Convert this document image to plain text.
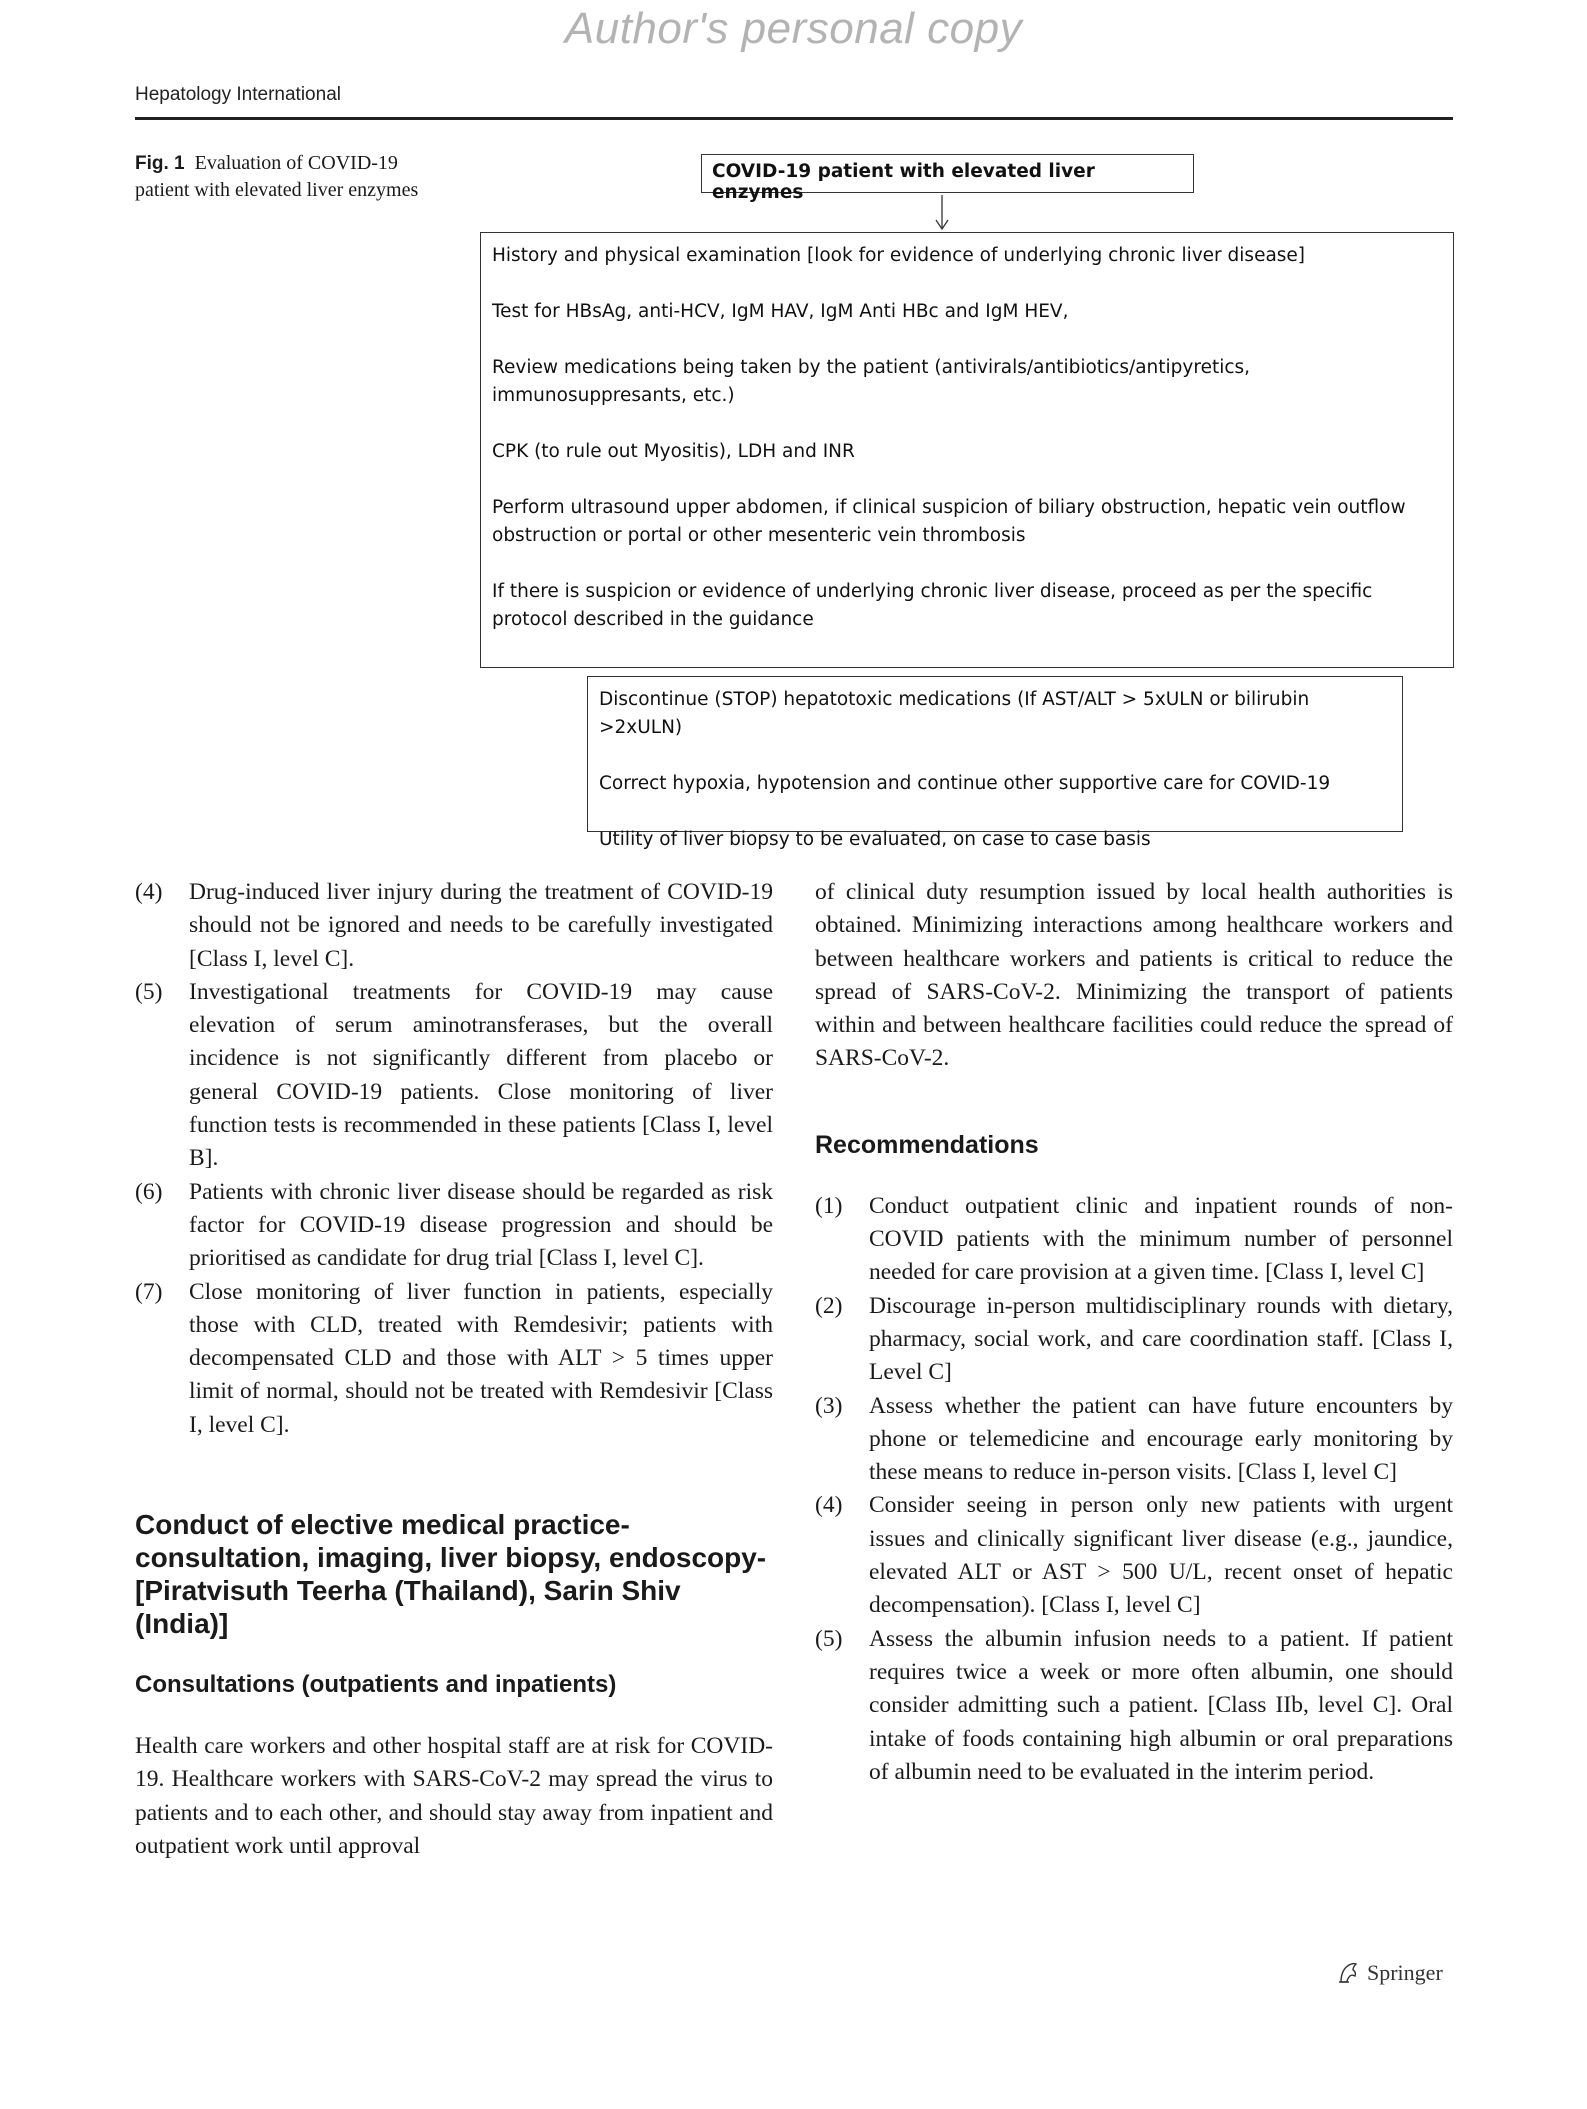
Author's personal copy
Hepatology International
Fig. 1 Evaluation of COVID-19 patient with elevated liver enzymes
COVID-19 patient with elevated liver enzymes

History and physical examination [look for evidence of underlying chronic liver disease]

Test for HBsAg, anti-HCV, IgM HAV, IgM Anti HBc and IgM HEV,

Review medications being taken by the patient (antivirals/antibiotics/antipyretics, immunosuppresants, etc.)

CPK (to rule out Myositis), LDH and INR

Perform ultrasound upper abdomen, if clinical suspicion of biliary obstruction, hepatic vein outflow obstruction or portal or other mesenteric vein thrombosis

If there is suspicion or evidence of underlying chronic liver disease, proceed as per the specific protocol described in the guidance

Discontinue (STOP) hepatotoxic medications (If AST/ALT > 5xULN or bilirubin >2xULN)

Correct hypoxia, hypotension and continue other supportive care for COVID-19

Utility of liver biopsy to be evaluated, on case to case basis

(4) Drug-induced liver injury during the treatment of COVID-19 should not be ignored and needs to be carefully investigated [Class I, level C].
(5) Investigational treatments for COVID-19 may cause elevation of serum aminotransferases, but the overall incidence is not significantly different from placebo or general COVID-19 patients. Close monitoring of liver function tests is recommended in these patients [Class I, level B].
(6) Patients with chronic liver disease should be regarded as risk factor for COVID-19 disease progression and should be prioritised as candidate for drug trial [Class I, level C].
(7) Close monitoring of liver function in patients, especially those with CLD, treated with Remdesivir; patients with decompensated CLD and those with ALT > 5 times upper limit of normal, should not be treated with Remdesivir [Class I, level C].
Conduct of elective medical practice-consultation, imaging, liver biopsy, endoscopy-[Piratvisuth Teerha (Thailand), Sarin Shiv (India)]
Consultations (outpatients and inpatients)

Health care workers and other hospital staff are at risk for COVID-19. Healthcare workers with SARS-CoV-2 may spread the virus to patients and to each other, and should stay away from inpatient and outpatient work until approval

of clinical duty resumption issued by local health authorities is obtained. Minimizing interactions among healthcare workers and between healthcare workers and patients is critical to reduce the spread of SARS-CoV-2. Minimizing the transport of patients within and between healthcare facilities could reduce the spread of SARS-CoV-2.

Recommendations
(1) Conduct outpatient clinic and inpatient rounds of non-COVID patients with the minimum number of personnel needed for care provision at a given time. [Class I, level C]
(2) Discourage in-person multidisciplinary rounds with dietary, pharmacy, social work, and care coordination staff. [Class I, Level C]
(3) Assess whether the patient can have future encounters by phone or telemedicine and encourage early monitoring by these means to reduce in-person visits. [Class I, level C]
(4) Consider seeing in person only new patients with urgent issues and clinically significant liver disease (e.g., jaundice, elevated ALT or AST > 500 U/L, recent onset of hepatic decompensation). [Class I, level C]
(5) Assess the albumin infusion needs to a patient. If patient requires twice a week or more often albumin, one should consider admitting such a patient. [Class IIb, level C]. Oral intake of foods containing high albumin or oral preparations of albumin need to be evaluated in the interim period.
Springer
